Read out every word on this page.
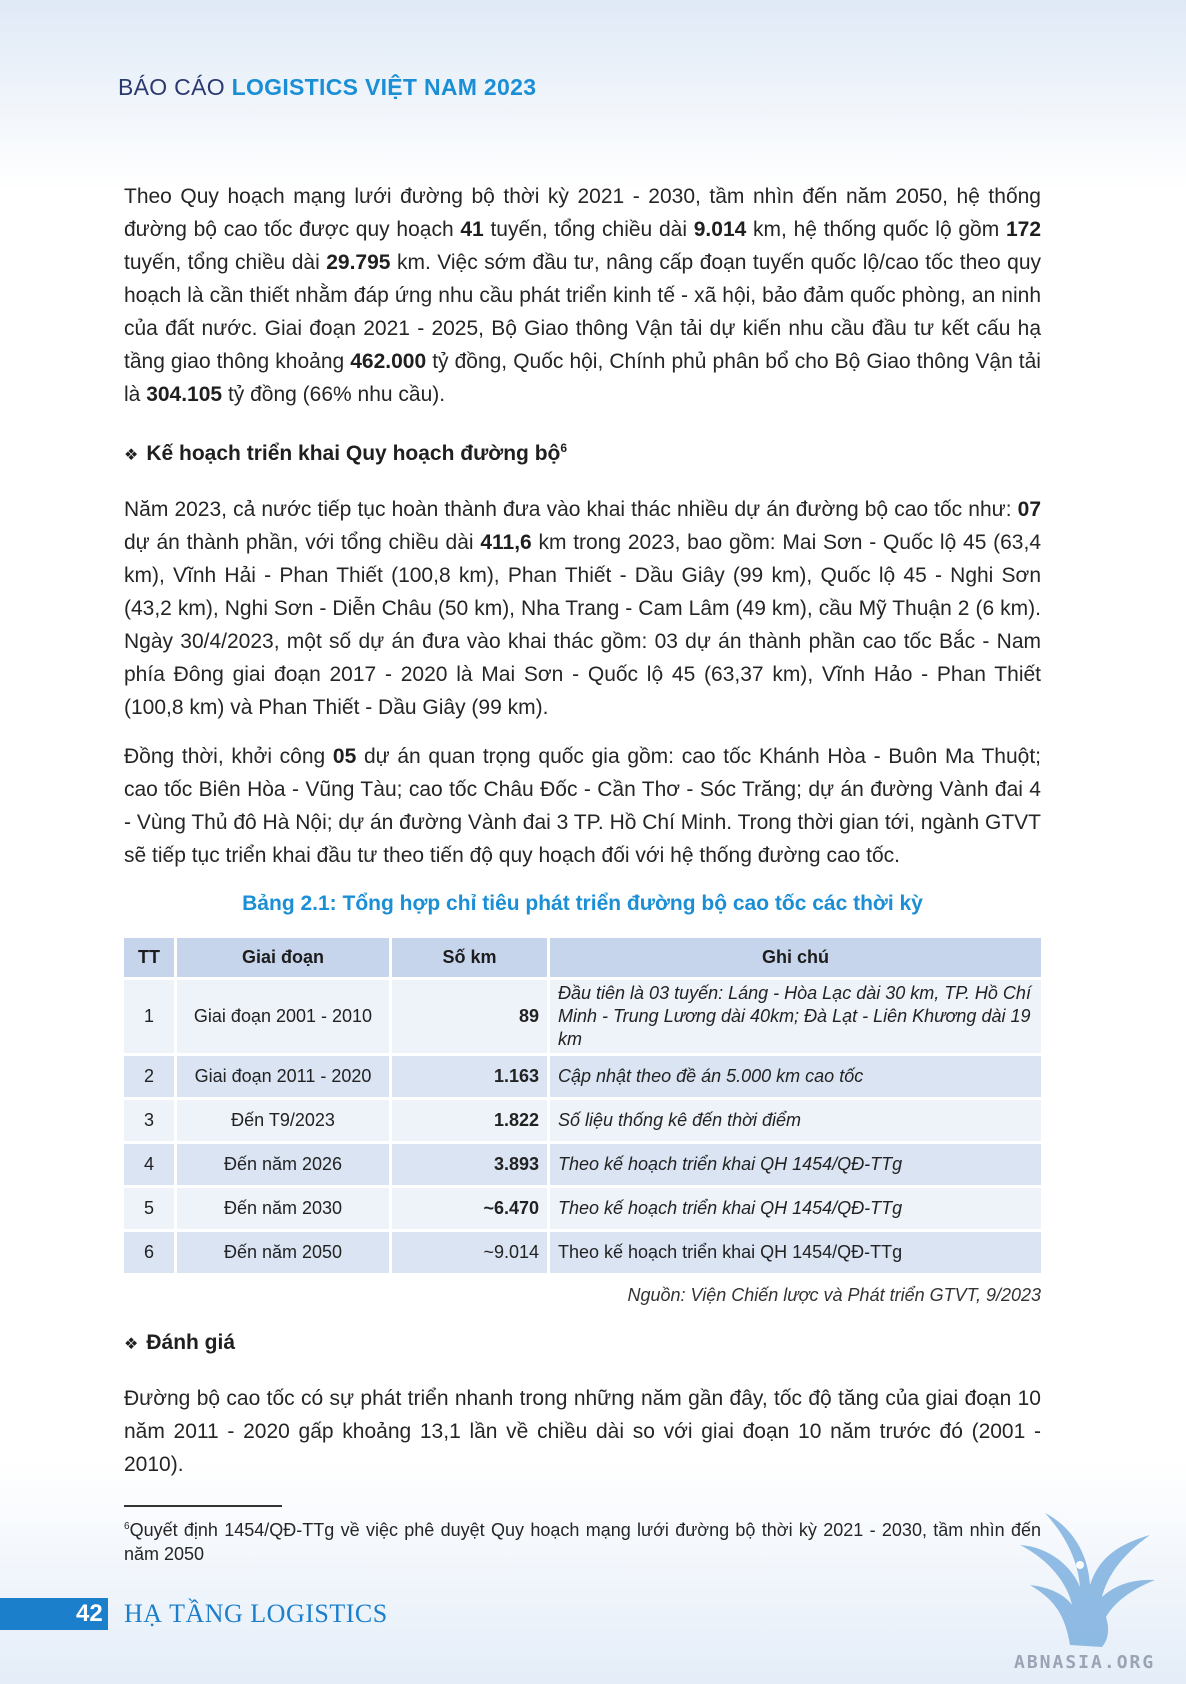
BÁO CÁO LOGISTICS VIỆT NAM 2023

Theo Quy hoạch mạng lưới đường bộ thời kỳ 2021 - 2030, tầm nhìn đến năm 2050, hệ thống đường bộ cao tốc được quy hoạch 41 tuyến, tổng chiều dài 9.014 km, hệ thống quốc lộ gồm 172 tuyến, tổng chiều dài 29.795 km. Việc sớm đầu tư, nâng cấp đoạn tuyến quốc lộ/cao tốc theo quy hoạch là cần thiết nhằm đáp ứng nhu cầu phát triển kinh tế - xã hội, bảo đảm quốc phòng, an ninh của đất nước. Giai đoạn 2021 - 2025, Bộ Giao thông Vận tải dự kiến nhu cầu đầu tư kết cấu hạ tầng giao thông khoảng 462.000 tỷ đồng, Quốc hội, Chính phủ phân bổ cho Bộ Giao thông Vận tải là 304.105 tỷ đồng (66% nhu cầu).

❖ Kế hoạch triển khai Quy hoạch đường bộ$^6$

Năm 2023, cả nước tiếp tục hoàn thành đưa vào khai thác nhiều dự án đường bộ cao tốc như: 07 dự án thành phần, với tổng chiều dài 411,6 km trong 2023, bao gồm: Mai Sơn - Quốc lộ 45 (63,4 km), Vĩnh Hải - Phan Thiết (100,8 km), Phan Thiết - Dầu Giây (99 km), Quốc lộ 45 - Nghi Sơn (43,2 km), Nghi Sơn - Diễn Châu (50 km), Nha Trang - Cam Lâm (49 km), cầu Mỹ Thuận 2 (6 km). Ngày 30/4/2023, một số dự án đưa vào khai thác gồm: 03 dự án thành phần cao tốc Bắc - Nam phía Đông giai đoạn 2017 - 2020 là Mai Sơn - Quốc lộ 45 (63,37 km), Vĩnh Hảo - Phan Thiết (100,8 km) và Phan Thiết - Dầu Giây (99 km).

Đồng thời, khởi công 05 dự án quan trọng quốc gia gồm: cao tốc Khánh Hòa - Buôn Ma Thuột; cao tốc Biên Hòa - Vũng Tàu; cao tốc Châu Đốc - Cần Thơ - Sóc Trăng; dự án đường Vành đai 4 - Vùng Thủ đô Hà Nội; dự án đường Vành đai 3 TP. Hồ Chí Minh. Trong thời gian tới, ngành GTVT sẽ tiếp tục triển khai đầu tư theo tiến độ quy hoạch đối với hệ thống đường cao tốc.

Bảng 2.1: Tổng hợp chỉ tiêu phát triển đường bộ cao tốc các thời kỳ
TT	Giai đoạn	Số km	Ghi chú
1	Giai đoạn 2001 - 2010	89	Đầu tiên là 03 tuyến: Láng - Hòa Lạc dài 30 km, TP. Hồ Chí Minh - Trung Lương dài 40km; Đà Lạt - Liên Khương dài 19 km
2	Giai đoạn 2011 - 2020	1.163	Cập nhật theo đề án 5.000 km cao tốc
3	Đến T9/2023	1.822	Số liệu thống kê đến thời điểm
4	Đến năm 2026	3.893	Theo kế hoạch triển khai QH 1454/QĐ-TTg
5	Đến năm 2030	~6.470	Theo kế hoạch triển khai QH 1454/QĐ-TTg
6	Đến năm 2050	~9.014	Theo kế hoạch triển khai QH 1454/QĐ-TTg
Nguồn: Viện Chiến lược và Phát triển GTVT, 9/2023
❖ Đánh giá

Đường bộ cao tốc có sự phát triển nhanh trong những năm gần đây, tốc độ tăng của giai đoạn 10 năm 2011 - 2020 gấp khoảng 13,1 lần về chiều dài so với giai đoạn 10 năm trước đó (2001 - 2010).

$^6$Quyết định 1454/QĐ-TTg về việc phê duyệt Quy hoạch mạng lưới đường bộ thời kỳ 2021 - 2030, tầm nhìn đến năm 2050
42 HẠ TẦNG LOGISTICS
ABNASIA.ORG
